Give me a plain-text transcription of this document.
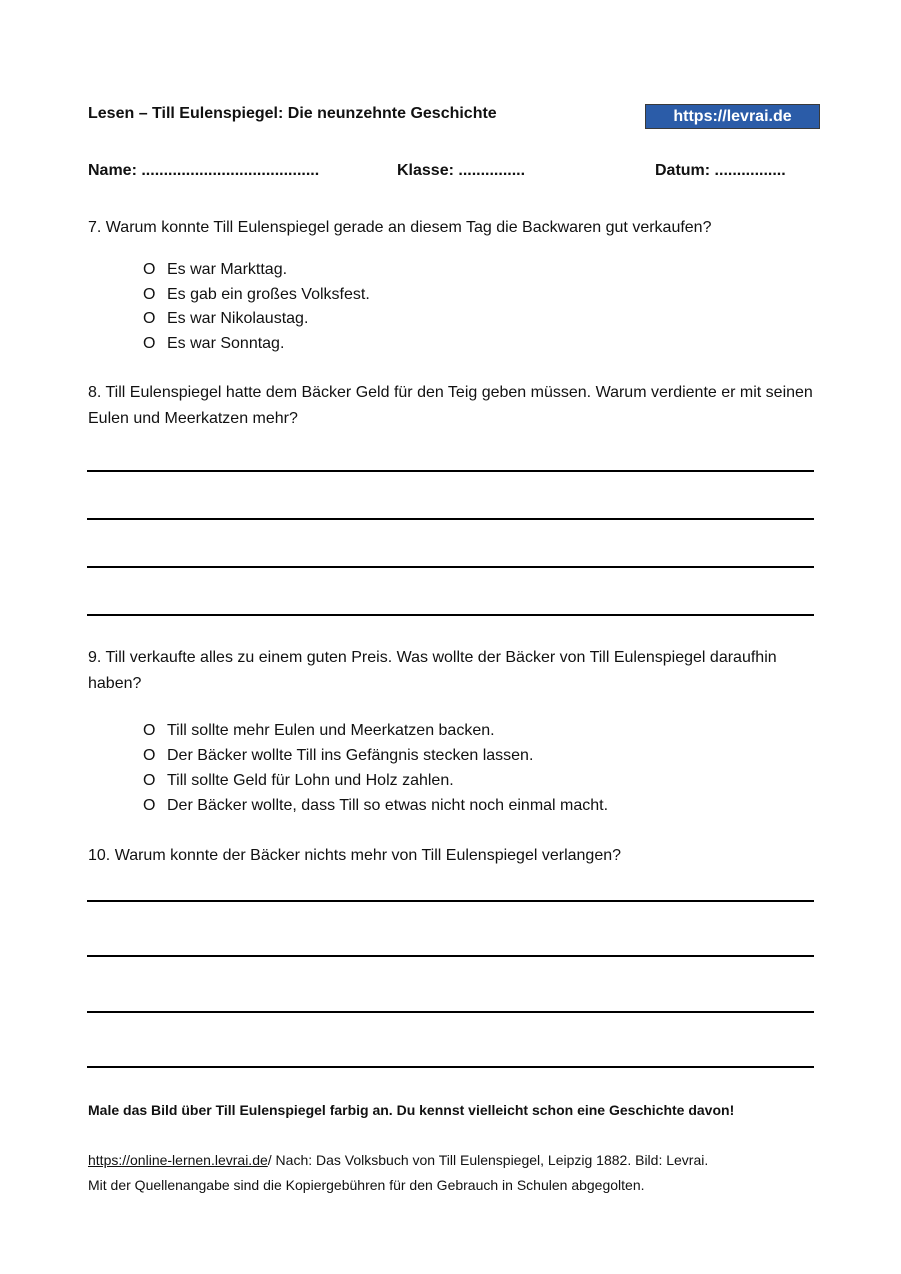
Lesen – Till Eulenspiegel: Die neunzehnte Geschichte	https://levrai.de
Name: ........................................	Klasse: ...............	Datum: ................
7. Warum konnte Till Eulenspiegel gerade an diesem Tag die Backwaren gut verkaufen?
O Es war Markttag.
O Es gab ein großes Volksfest.
O Es war Nikolaustag.
O Es war Sonntag.
8. Till Eulenspiegel hatte dem Bäcker Geld für den Teig geben müssen. Warum verdiente er mit seinen Eulen und Meerkatzen mehr?
9. Till verkaufte alles zu einem guten Preis. Was wollte der Bäcker von Till Eulenspiegel daraufhin haben?
O Till sollte mehr Eulen und Meerkatzen backen.
O Der Bäcker wollte Till ins Gefängnis stecken lassen.
O Till sollte Geld für Lohn und Holz zahlen.
O Der Bäcker wollte, dass Till so etwas nicht noch einmal macht.
10. Warum konnte der Bäcker nichts mehr von Till Eulenspiegel verlangen?
Male das Bild über Till Eulenspiegel farbig an. Du kennst vielleicht schon eine Geschichte davon!
https://online-lernen.levrai.de/ Nach: Das Volksbuch von Till Eulenspiegel, Leipzig 1882. Bild: Levrai.
Mit der Quellenangabe sind die Kopiergebühren für den Gebrauch in Schulen abgegolten.
